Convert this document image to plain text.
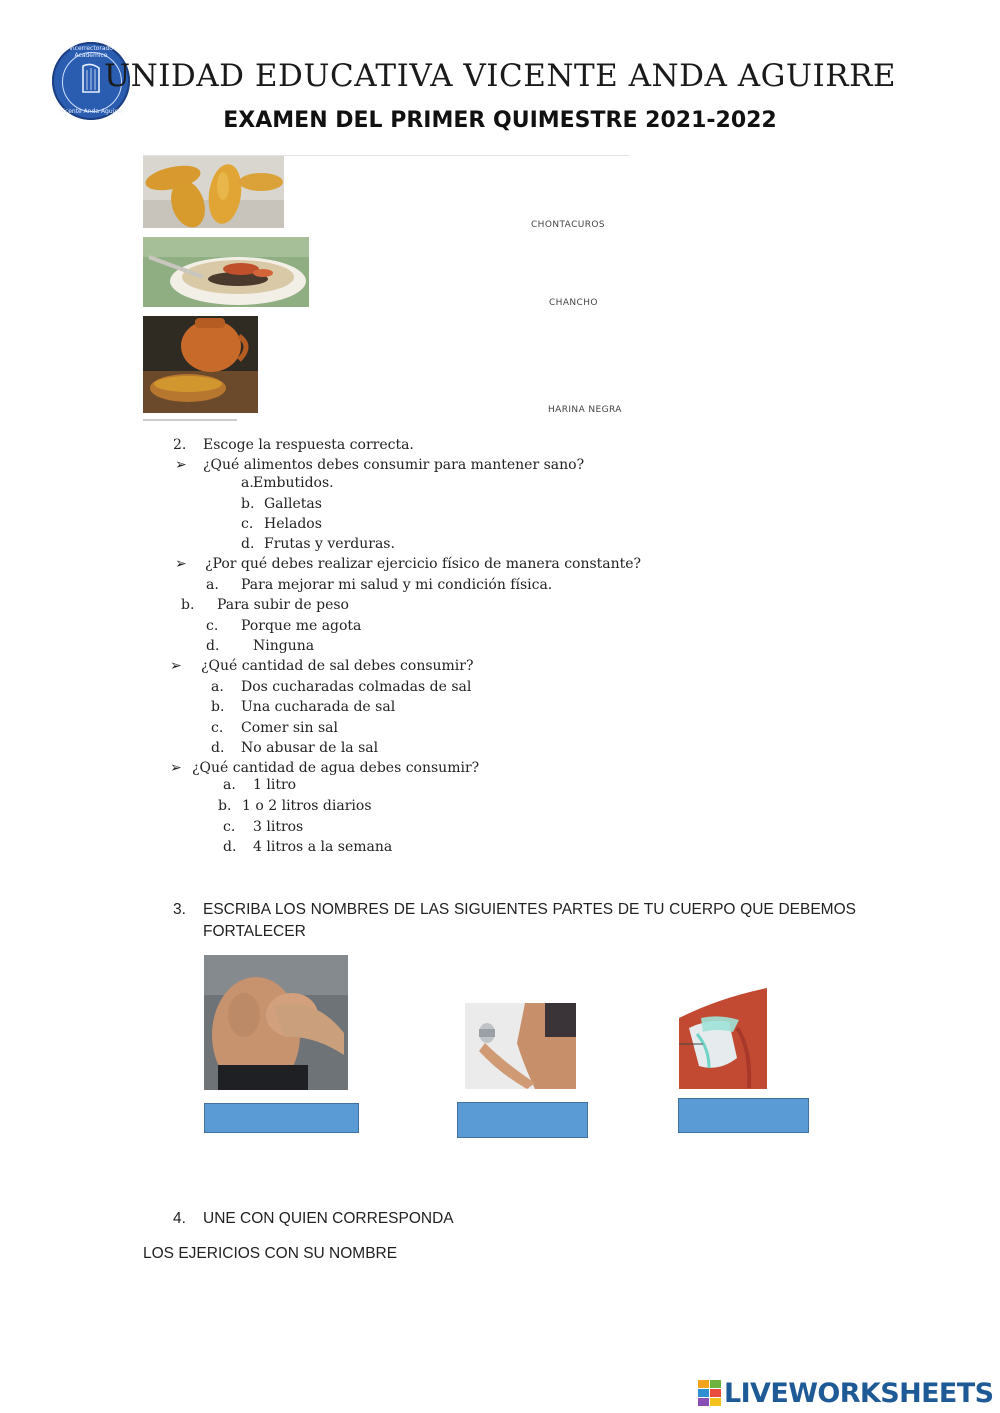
Vicerrectorado Académico
Vicente Anda Aguirre
UNIDAD EDUCATIVA VICENTE ANDA AGUIRRE
EXAMEN DEL PRIMER QUIMESTRE 2021-2022
CHONTACUROS
CHANCHO
HARINA NEGRA
2. Escoge la respuesta correcta.
➢ ¿Qué alimentos debes consumir para mantener sano?
a. Embutidos.
b. Galletas
c. Helados
d. Frutas y verduras.
➢ ¿Por qué debes realizar ejercicio físico de manera constante?
a. Para mejorar mi salud y mi condición física.
b. Para subir de peso
c. Porque me agota
d. Ninguna
➢ ¿Qué cantidad de sal debes consumir?
a. Dos cucharadas colmadas de sal
b. Una cucharada de sal
c. Comer sin sal
d. No abusar de la sal
➢ ¿Qué cantidad de agua debes consumir?
a. 1 litro
b. 1 o 2 litros diarios
c. 3 litros
d. 4 litros a la semana
3. ESCRIBA LOS NOMBRES DE LAS SIGUIENTES PARTES DE TU CUERPO QUE DEBEMOS
FORTALECER
4. UNE CON QUIEN CORRESPONDA
LOS EJERICIOS CON SU NOMBRE
LIVEWORKSHEETS
